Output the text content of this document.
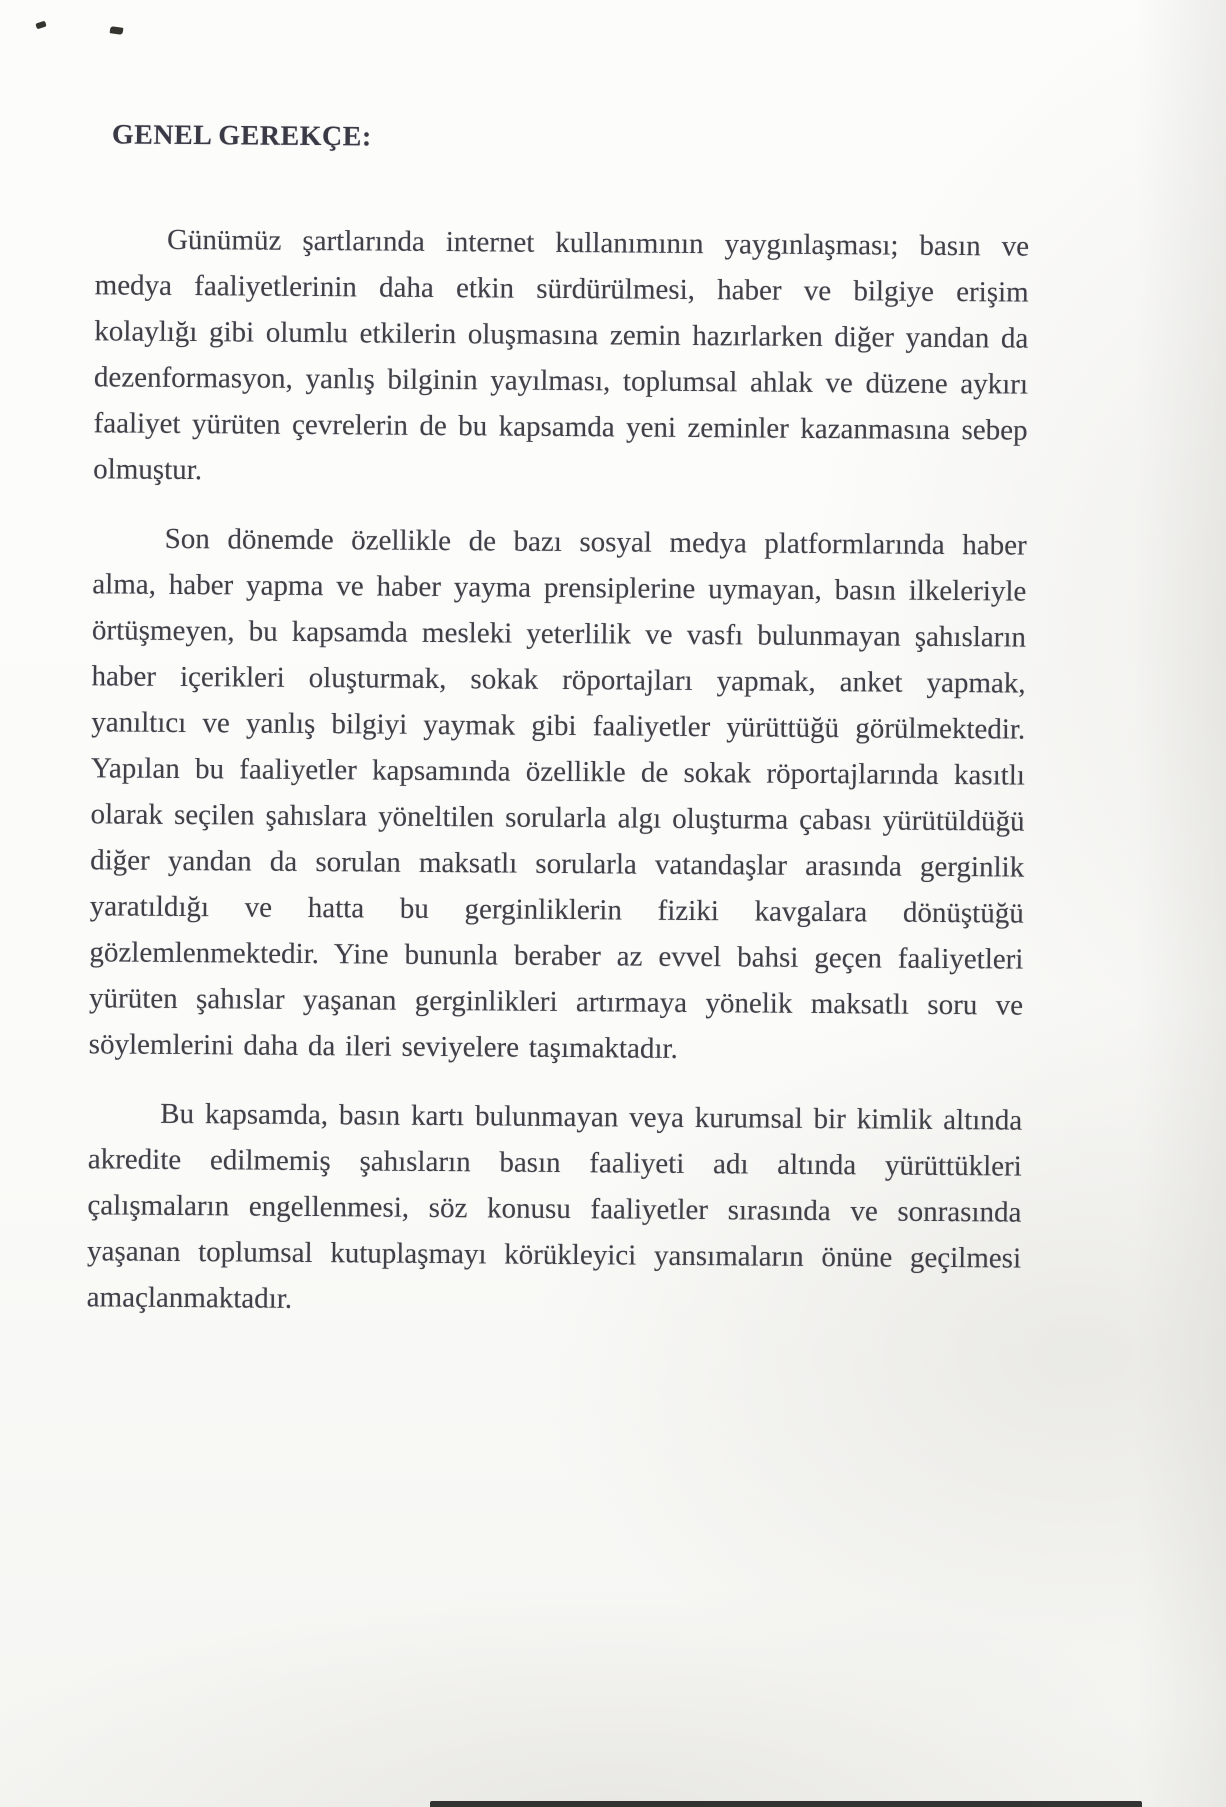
GENEL GEREKÇE:

Günümüz şartlarında internet kullanımının yaygınlaşması; basın ve medya faaliyetlerinin daha etkin sürdürülmesi, haber ve bilgiye erişim kolaylığı gibi olumlu etkilerin oluşmasına zemin hazırlarken diğer yandan da dezenformasyon, yanlış bilginin yayılması, toplumsal ahlak ve düzene aykırı faaliyet yürüten çevrelerin de bu kapsamda yeni zeminler kazanmasına sebep olmuştur.

Son dönemde özellikle de bazı sosyal medya platformlarında haber alma, haber yapma ve haber yayma prensiplerine uymayan, basın ilkeleriyle örtüşmeyen, bu kapsamda mesleki yeterlilik ve vasfı bulunmayan şahısların haber içerikleri oluşturmak, sokak röportajları yapmak, anket yapmak, yanıltıcı ve yanlış bilgiyi yaymak gibi faaliyetler yürüttüğü görülmektedir. Yapılan bu faaliyetler kapsamında özellikle de sokak röportajlarında kasıtlı olarak seçilen şahıslara yöneltilen sorularla algı oluşturma çabası yürütüldüğü diğer yandan da sorulan maksatlı sorularla vatandaşlar arasında gerginlik yaratıldığı ve hatta bu gerginliklerin fiziki kavgalara dönüştüğü gözlemlenmektedir. Yine bununla beraber az evvel bahsi geçen faaliyetleri yürüten şahıslar yaşanan gerginlikleri artırmaya yönelik maksatlı soru ve söylemlerini daha da ileri seviyelere taşımaktadır.

Bu kapsamda, basın kartı bulunmayan veya kurumsal bir kimlik altında akredite edilmemiş şahısların basın faaliyeti adı altında yürüttükleri çalışmaların engellenmesi, söz konusu faaliyetler sırasında ve sonrasında yaşanan toplumsal kutuplaşmayı körükleyici yansımaların önüne geçilmesi amaçlanmaktadır.
